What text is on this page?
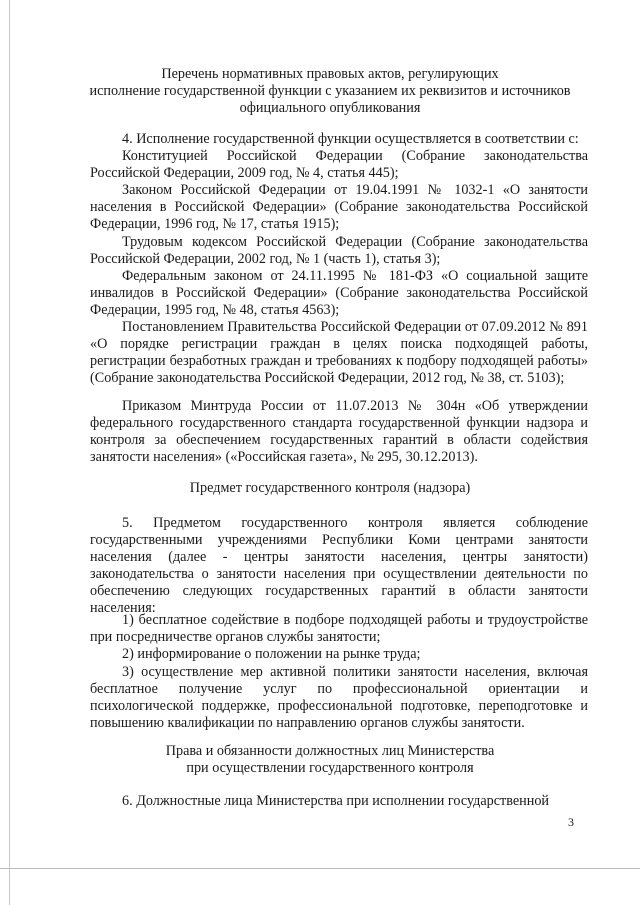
Перечень нормативных правовых актов, регулирующих
исполнение государственной функции с указанием их реквизитов и источников
официального опубликования
4. Исполнение государственной функции осуществляется в соответствии с:
Конституцией Российской Федерации (Собрание законодательства Российской Федерации, 2009 год, № 4, статья 445);
Законом Российской Федерации от 19.04.1991 № 1032-1 «О занятости населения в Российской Федерации» (Собрание законодательства Российской Федерации, 1996 год, № 17, статья 1915);
Трудовым кодексом Российской Федерации (Собрание законодательства Российской Федерации, 2002 год, № 1 (часть 1), статья 3);
Федеральным законом от 24.11.1995 № 181-ФЗ «О социальной защите инвалидов в Российской Федерации» (Собрание законодательства Российской Федерации, 1995 год, № 48, статья 4563);
Постановлением Правительства Российской Федерации от 07.09.2012 № 891 «О порядке регистрации граждан в целях поиска подходящей работы, регистрации безработных граждан и требованиях к подбору подходящей работы» (Собрание законодательства Российской Федерации, 2012 год, № 38, ст. 5103);
Приказом Минтруда России от 11.07.2013 № 304н «Об утверждении федерального государственного стандарта государственной функции надзора и контроля за обеспечением государственных гарантий в области содействия занятости населения» («Российская газета», № 295, 30.12.2013).
Предмет государственного контроля (надзора)
5. Предметом государственного контроля является соблюдение государственными учреждениями Республики Коми центрами занятости населения (далее - центры занятости населения, центры занятости) законодательства о занятости населения при осуществлении деятельности по обеспечению следующих государственных гарантий в области занятости населения:
1) бесплатное содействие в подборе подходящей работы и трудоустройстве при посредничестве органов службы занятости;
2) информирование о положении на рынке труда;
3) осуществление мер активной политики занятости населения, включая бесплатное получение услуг по профессиональной ориентации и психологической поддержке, профессиональной подготовке, переподготовке и повышению квалификации по направлению органов службы занятости.
Права и обязанности должностных лиц Министерства
при осуществлении государственного контроля
6. Должностные лица Министерства при исполнении государственной
3
